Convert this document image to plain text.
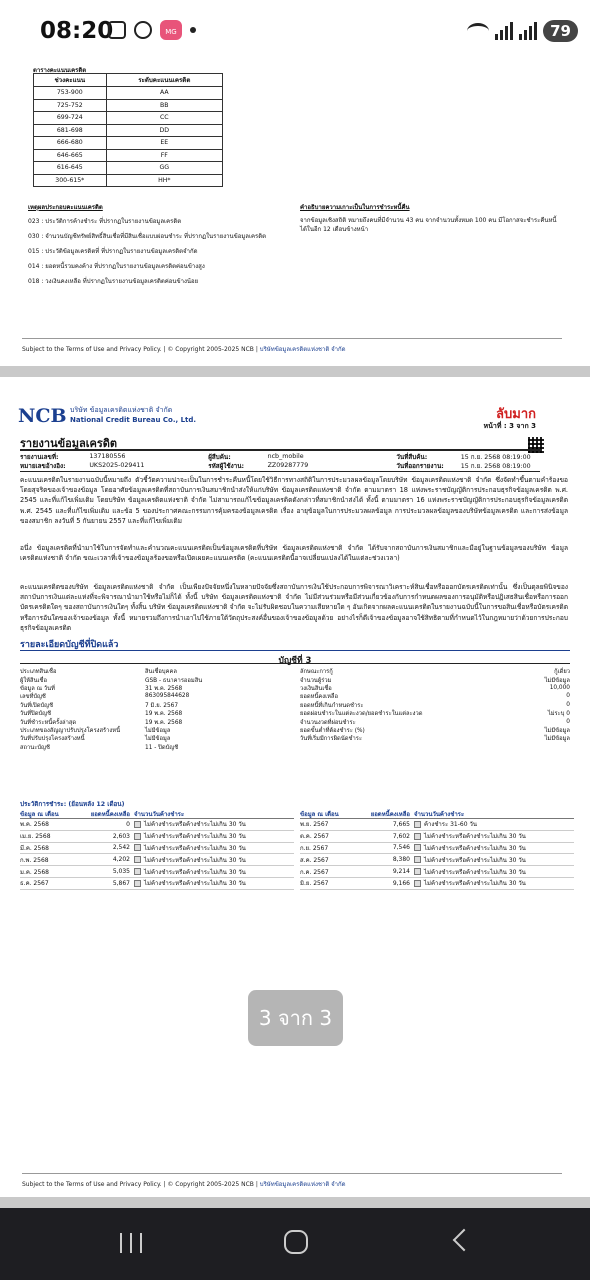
08:20	MG	79
ตารางคะแนนเครดิต
ช่วงคะแนน	ระดับคะแนนเครดิต
753-900	AA
725-752	BB
699-724	CC
681-698	DD
666-680	EE
646-665	FF
616-645	GG
300-615*	HH*
เหตุผลประกอบคะแนนเครดิต
023 : ประวัติการค้างชำระ ที่ปรากฏในรายงานข้อมูลเครดิต
030 : จำนวนบัญชีทรัพย์สิทธิ์สินเชื่อที่มีสินเชื่อแบบผ่อนชำระ ที่ปรากฏในรายงานข้อมูลเครดิต
015 : ประวัติข้อมูลเครดิตที่ ที่ปรากฏในรายงานข้อมูลเครดิตจำกัด
014 : ยอดหนี้รวมคงค้าง ที่ปรากฏในรายงานข้อมูลเครดิตค่อนข้างสูง
018 : วงเงินคงเหลือ ที่ปรากฏในรายงานข้อมูลเครดิตค่อนข้างน้อย
คำอธิบายความเกาะเป็นในการชำระหนี้คืน
จากข้อมูลเชิงสถิติ หมายถึงคนที่มีจำนวน 43 คน จากจำนวนทั้งหมด 100 คน มีโอกาสจะชำระคืนหนี้ได้ในอีก 12 เดือนข้างหน้า
Subject to the Terms of Use and Privacy Policy. | © Copyright 2005-2025 NCB | บริษัทข้อมูลเครดิตแห่งชาติ จำกัด
NCB บริษัท ข้อมูลเครดิตแห่งชาติ จำกัด
National Credit Bureau Co., Ltd.	ลับมาก
หน้าที่ : 3 จาก 3
รายงานข้อมูลเครดิต
รายงานเลขที่:	137180556	ผู้สืบค้น:	ncb_mobile	วันที่สืบค้น:	15 ก.ย. 2568 08:19:00
หมายเลขอ้างอิง:	UKS2025-029411	รหัสผู้ใช้งาน:	ZZ09287779	วันที่ออกรายงาน:	15 ก.ย. 2568 08:19:00
คะแนนเครดิตในรายงานฉบับนี้หมายถึง ตัวชี้วัดความน่าจะเป็นในการชำระคืนหนี้โดยใช้วิธีการทางสถิติในการประมวลผลข้อมูลโดยบริษัท ข้อมูลเครดิตแห่งชาติ จำกัด ซึ่งจัดทำขึ้นตามคำร้องขอโดยสุจริตของเจ้าของข้อมูล โดยอาศัยข้อมูลเครดิตที่สถาบันการเงินสมาชิกนำส่งให้แก่บริษัท ข้อมูลเครดิตแห่งชาติ จำกัด ตามมาตรา 18 แห่งพระราชบัญญัติการประกอบธุรกิจข้อมูลเครดิต พ.ศ. 2545 และที่แก้ไขเพิ่มเติม โดยบริษัท ข้อมูลเครดิตแห่งชาติ จำกัด ไม่สามารถแก้ไขข้อมูลเครดิตดังกล่าวที่สมาชิกนำส่งได้ ทั้งนี้ ตามมาตรา 16 แห่งพระราชบัญญัติการประกอบธุรกิจข้อมูลเครดิต พ.ศ. 2545 และที่แก้ไขเพิ่มเติม และข้อ 5 ของประกาศคณะกรรมการคุ้มครองข้อมูลเครดิต เรื่อง อายุข้อมูลในการประมวลผลข้อมูล การประมวลผลข้อมูลของบริษัทข้อมูลเครดิต และการส่งข้อมูลของสมาชิก ลงวันที่ 5 กันยายน 2557 และที่แก้ไขเพิ่มเติม
อนึ่ง ข้อมูลเครดิตที่นำมาใช้ในการจัดทำและคำนวณคะแนนเครดิตเป็นข้อมูลเครดิตที่บริษัท ข้อมูลเครดิตแห่งชาติ จำกัด ได้รับจากสถาบันการเงินสมาชิกและมีอยู่ในฐานข้อมูลของบริษัท ข้อมูลเครดิตแห่งชาติ จำกัด ขณะเวลาที่เจ้าของข้อมูลร้องขอหรือเปิดเผยคะแนนเครดิต (คะแนนเครดิตนี้อาจเปลี่ยนแปลงได้ในแต่ละช่วงเวลา)
คะแนนเครดิตของบริษัท ข้อมูลเครดิตแห่งชาติ จำกัด เป็นเพียงปัจจัยหนึ่งในหลายปัจจัยซึ่งสถาบันการเงินใช้ประกอบการพิจารณาวิเคราะห์สินเชื่อหรือออกบัตรเครดิตเท่านั้น ซึ่งเป็นดุลยพินิจของสถาบันการเงินแต่ละแห่งที่จะพิจารณานำมาใช้หรือไม่ก็ได้ ทั้งนี้ บริษัท ข้อมูลเครดิตแห่งชาติ จำกัด ไม่มีส่วนร่วมหรือมีส่วนเกี่ยวข้องกับการกำหนดผลของการอนุมัติหรือปฏิเสธสินเชื่อหรือการออกบัตรเครดิตใดๆ ของสถาบันการเงินใดๆ ทั้งสิ้น บริษัท ข้อมูลเครดิตแห่งชาติ จำกัด จะไม่รับผิดชอบในความเสียหายใด ๆ อันเกิดจากผลคะแนนเครดิตในรายงานฉบับนี้ในการขอสินเชื่อหรือบัตรเครดิตหรือการอันใดของเจ้าของข้อมูล ทั้งนี้ หมายรวมถึงการนำเอาไปใช้ภายใต้วัตถุประสงค์อื่นของเจ้าของข้อมูลด้วย อย่างไรก็ดีเจ้าของข้อมูลอาจใช้สิทธิตามที่กำหนดไว้ในกฎหมายว่าด้วยการประกอบธุรกิจข้อมูลเครดิต
รายละเอียดบัญชีที่ปิดแล้ว
บัญชีที่ 3
ประเภทสินเชื่อ	สินเชื่อบุคคล
ผู้ให้สินเชื่อ	GSB - ธนาคารออมสิน
ข้อมูล ณ วันที่	31 พ.ค. 2568
เลขที่บัญชี	863095844628
วันที่เปิดบัญชี	7 มิ.ย. 2567
วันที่ปิดบัญชี	19 พ.ค. 2568
วันที่ชำระหนี้ครั้งล่าสุด	19 พ.ค. 2568
ประเภทของสัญญาปรับปรุงโครงสร้างหนี้	ไม่มีข้อมูล
วันที่ปรับปรุงโครงสร้างหนี้	ไม่มีข้อมูล
สถานะบัญชี	11 - ปิดบัญชี
ลักษณะการกู้	กู้เดี่ยว
จำนวนผู้ร่วม	ไม่มีข้อมูล
วงเงินสินเชื่อ	10,000
ยอดหนี้คงเหลือ	0
ยอดหนี้ที่เกินกำหนดชำระ	0
ยอดผ่อนชำระในแต่ละงวด/ยอดชำระในแต่ละงวด	ไม่ระบุ 0
จำนวนงวดที่ผ่อนชำระ	0
ยอดขั้นต่ำที่ต้องชำระ (%)	ไม่มีข้อมูล
วันที่เริ่มมีการผิดนัดชำระ	ไม่มีข้อมูล
ประวัติการชำระ: (ย้อนหลัง 12 เดือน)
ข้อมูล ณ เดือน	ยอดหนี้คงเหลือ จำนวนวันค้างชำระ
พ.ค. 2568	0	ไม่ค้างชำระหรือค้างชำระไม่เกิน 30 วัน
เม.ย. 2568	2,603	ไม่ค้างชำระหรือค้างชำระไม่เกิน 30 วัน
มี.ค. 2568	2,542	ไม่ค้างชำระหรือค้างชำระไม่เกิน 30 วัน
ก.พ. 2568	4,202	ไม่ค้างชำระหรือค้างชำระไม่เกิน 30 วัน
ม.ค. 2568	5,035	ไม่ค้างชำระหรือค้างชำระไม่เกิน 30 วัน
ธ.ค. 2567	5,867	ไม่ค้างชำระหรือค้างชำระไม่เกิน 30 วัน
ข้อมูล ณ เดือน	ยอดหนี้คงเหลือ จำนวนวันค้างชำระ
พ.ย. 2567	7,665	ค้างชำระ 31-60 วัน
ต.ค. 2567	7,602	ไม่ค้างชำระหรือค้างชำระไม่เกิน 30 วัน
ก.ย. 2567	7,546	ไม่ค้างชำระหรือค้างชำระไม่เกิน 30 วัน
ส.ค. 2567	8,380	ไม่ค้างชำระหรือค้างชำระไม่เกิน 30 วัน
ก.ค. 2567	9,214	ไม่ค้างชำระหรือค้างชำระไม่เกิน 30 วัน
มิ.ย. 2567	9,166	ไม่ค้างชำระหรือค้างชำระไม่เกิน 30 วัน
Subject to the Terms of Use and Privacy Policy. | © Copyright 2005-2025 NCB | บริษัทข้อมูลเครดิตแห่งชาติ จำกัด
3 จาก 3
